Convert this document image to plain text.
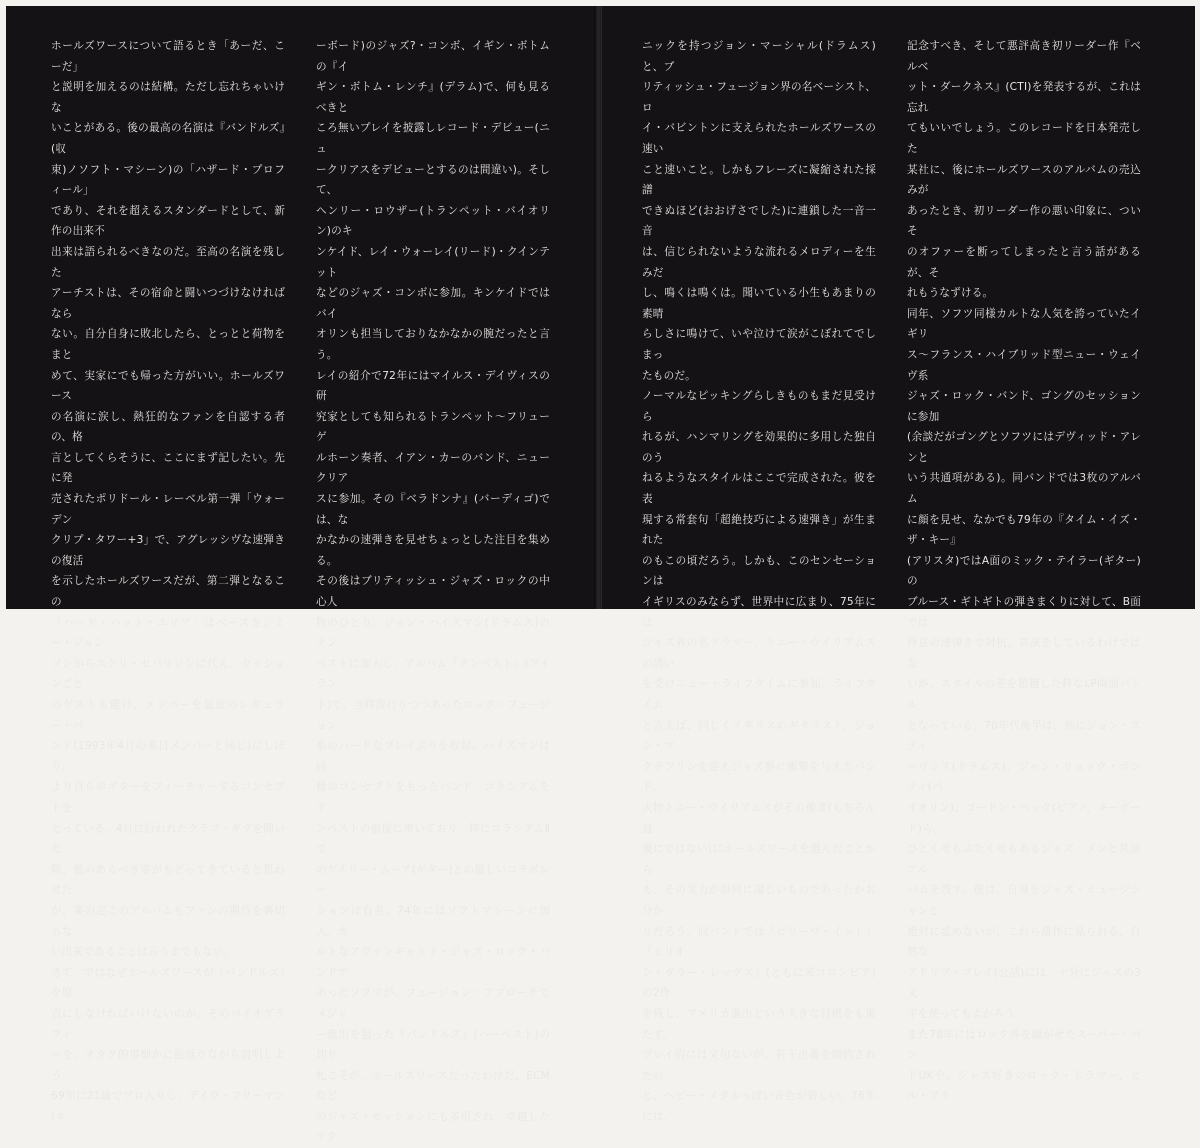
ホールズワースについて語るとき「あーだ、こーだ」
と説明を加えるのは結構。ただし忘れちゃいけな
いことがある。後の最高の名演は『バンドルズ』(収
束)ノソフト・マシーン)の「ハザード・プロフィール」
であり、それを超えるスタンダードとして、新作の出来不
出来は語られるべきなのだ。至高の名演を残した
アーチストは、その宿命と闘いつづけなければなら
ない。自分自身に敗北したら、とっとと荷物をまと
めて、実家にでも帰った方がいい。ホールズワース
の名演に涙し、熱狂的なファンを自認する者の、格
言としてくらそうに、ここにまず記したい。先に発
売されたポリドール・レーベル第一弾「ウォーデン
クリプ・タワー+3」で、アグレッシヴな速弾きの復活
を示したホールズワースだが、第二弾となるこの
「ハード・ハット・エリア」はベースをジミー・ジョン
ソンからスクリ・セバリソンに代え、セッションごと
のゲストも避け、メンバーを最近のレギュラー・バ
ンド(1993年4月の来日メンバーと同じ)にしぼり、
より自らのギターをフィーチャーするコンセプトを
とっている。4月に行われたクラブ・ギグを聞いた
際、彼のあるべき姿がもどってきていると思わせた
が、案の定このアルバムもファンの期待を裏切らな
い出来であることは言うまでもない。
さて、ではなぜホールズワースが『バンドルズ』を原
点にしなければいけないのか、そのバイオグラフィ
ーを、オタク的事細かに振返りながら説明しよう。
69年に21歳でプロ入りし、デイヴ・フリーマン(キ
ーボード)のジャズ?・コンボ、イギン・ボトムの『イ
ギン・ボトム・レンチ』(デラム)で、何も見るべきと
ころ無いプレイを披露しレコード・デビュー(ニュ
ークリアスをデビューとするのは間違い)。そして、
ヘンリー・ロウザー(トランペット・バイオリン)のキ
ンケイド、レイ・ウォーレイ(リード)・クインテット
などのジャズ・コンボに参加。キンケイドではバイ
オリンも担当しておりなかなかの腕だったと言う。
レイの紹介で72年にはマイルス・デイヴィスの研
究家としても知られるトランペット〜フリューゲ
ルホーン奏者、イアン・カーのバンド、ニュークリア
スに参加。その『ベラドンナ』(バーディゴ)では、な
かなかの速弾きを見せちょっとした注目を集める。
その後はブリティッシュ・ジャズ・ロックの中心人
物のひとり、ジョン・ハイズマン(ドラムス)のテン
ペストに加入し、アルバム『テンペスト』(アイラン
ド)で、当時流行りつつあったロック・フュージョン
系のハードなプレイぶりを収録。ハイズマンは同
様のコンセプトをもったバンド、コラシアムをテ
ンペストの前後に率いており、特にコラシアムⅡで
のゲイリー・ムーア(ギター)との激しいコラボレー
ションは有名。74年にはソフトマシーンに加入。カ
ルトなアヴァンギャルド・ジャズ・ロック・バンドで
あったソフツが、フュージョン・アプローチでメジャ
ー進出を狙った『バンドルズ』(ハーベスト)の切り
札こそが、ホールズワースだったわけだ。ECM など
のジャズ・セッションにも多用され、卓越したテク
ニックを持つジョン・マーシャル(ドラムス)と、ブ
リティッシュ・フュージョン界の名ベーシスト、ロ
イ・バビントンに支えられたホールズワースの速い
こと速いこと。しかもフレーズに凝縮された採譜
できぬほど(おおげさでした)に連鎖した一音一音
は、信じられないような流れるメロディーを生みだ
し、鳴くは鳴くは。聞いている小生もあまりの素晴
らしさに鳴けて、いや泣けて涙がこぼれてでしまっ
たものだ。
ノーマルなピッキングらしきものもまだ見受けら
れるが、ハンマリングを効果的に多用した独自のう
ねるようなスタイルはここで完成された。彼を表
現する常套句「超絶技巧による速弾き」が生まれた
のもこの頃だろう。しかも、このセンセーションは
イギリスのみならず、世界中に広まり、75年には
ジャズ界の名ドラマー、トニー・ウイリアムスの誘い
を受けニュー・ライフタイムに参加。ライフタイム
と言えば、同じくイギリスのギタリスト、ジョン・マ
クラフリンを迎えジャズ界に衝撃を与えたバンド。
大物トニー・ウイリアムスがその後釜(もちろん直
後にではない)にホールズワースを選んだことから
も、その実力が如何に凄じいものであったかお分か
りだろう。同バンドでは『ビリーヴ・イット』『ミリオ
ン・ダラー・レッグズ』(ともに米コロンビア)の2作
を残し、アメリカ進出という大きな目標をも果たす。
プレイ的には文句ないが、若干出番を制約されたの
と、ヘビー・メタルっぽい音色が惜しい。76年には、
記念すべき、そして悪評高き初リーダー作『ベルベ
ット・ダークネス』(CTI)を発表するが、これは忘れ
てもいいでしょう。このレコードを日本発売した
某社に、後にホールズワースのアルバムの売込みが
あったとき、初リーダー作の悪い印象に、ついそ
のオファーを断ってしまったと言う話があるが、そ
れもうなずける。
同年、ソフツ同様カルトな人気を誇っていたイギリ
ス〜フランス・ハイブリッド型ニュー・ウェイヴ系
ジャズ・ロック・バンド、ゴングのセッションに参加
(余談だがゴングとソフツにはデヴィッド・アレンと
いう共通項がある)。同バンドでは3枚のアルバム
に顔を見せ、なかでも79年の『タイム・イズ・ザ・キー』
(アリスタ)ではA面のミック・テイラー(ギター)の
ブルース・ギトギトの弾きまくりに対して、B面では
得意の速弾きで対抗。共演をしているわけではな
いが、スタイルの差を超越した粋なLP両面バトル
となっている。70年代後半は、他にジョン・スティ
ーヴンス(ドラムス)、ジャン・リュック・ポンティ(バ
イオリン)、ゴードン・ベック(ピアノ、キーボード)ら、
ひとくせもふたくせもあるジャズ・メンと共演アル
バムを残す。彼は、自身をジャズ・ミュージシャンと
絶対に認めないが、これら諸作に見られる、自然な
アドリブ・プレイ(会話)には、十分にジャズの3文
字を使ってもよかろう。
また78年にはロック界を騒がせたスーパー・バン
ドUKや、ジャズ好きのロック・ドラマー、ビル・ブラ
